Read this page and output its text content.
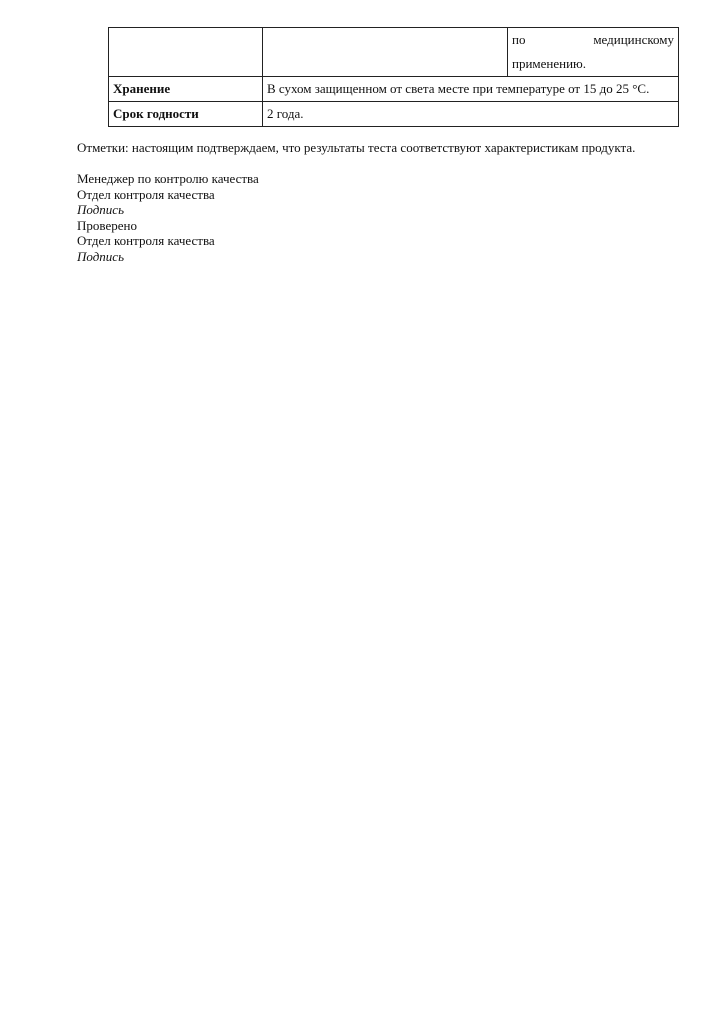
		по медицинскому
применению.

Хранение	В сухом защищенном от света месте при температуре от 15 до 25 °C.	
Срок годности	2 года.	
Отметки: настоящим подтверждаем, что результаты теста соответствуют характеристикам продукта.
Менеджер по контролю качества
Отдел контроля качества
Подпись
Проверено
Отдел контроля качества
Подпись
